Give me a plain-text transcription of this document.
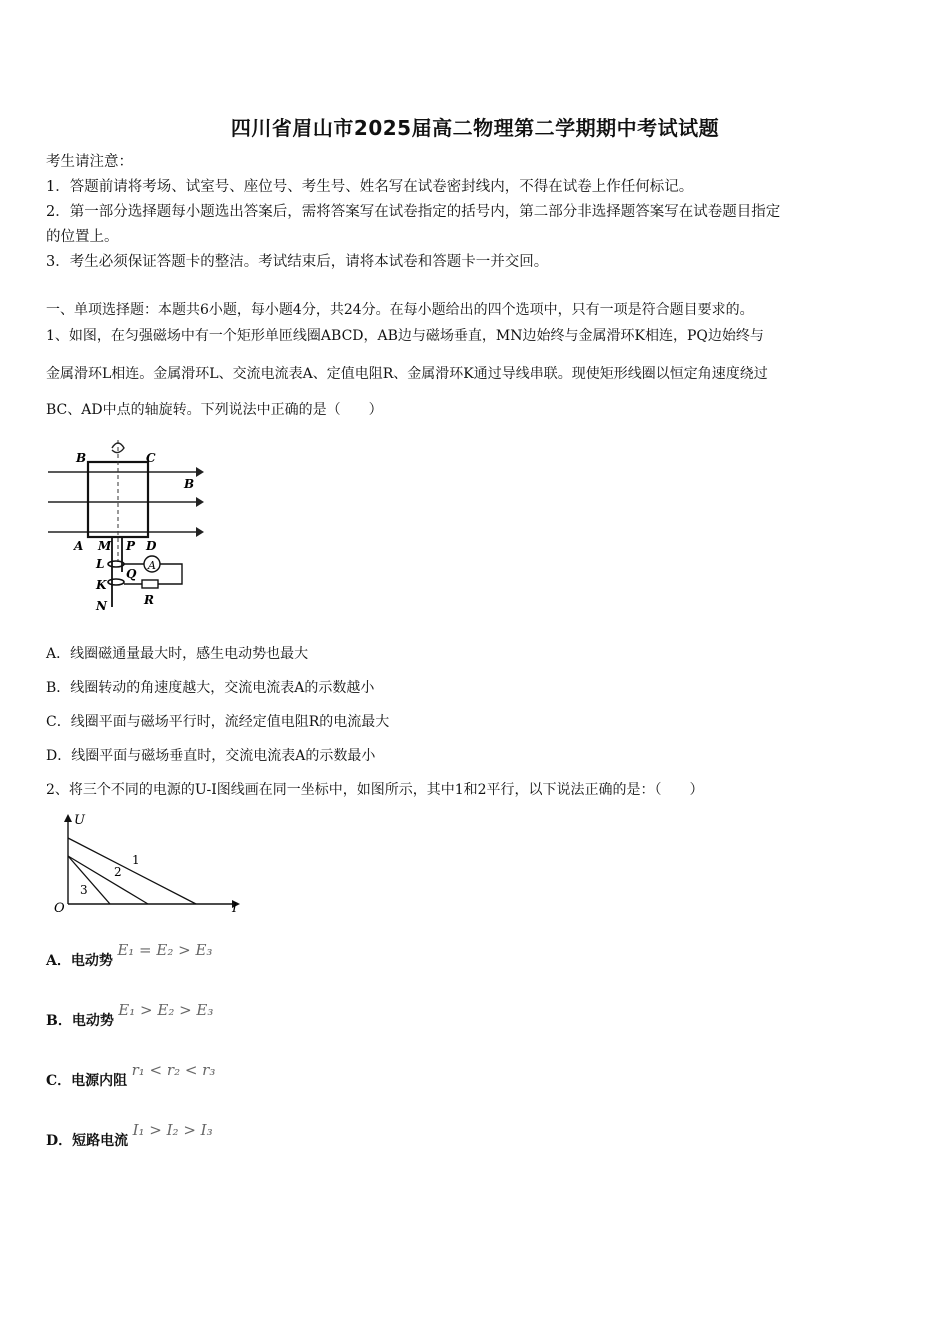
四川省眉山市2025届高二物理第二学期期中考试试题
考生请注意：
1．答题前请将考场、试室号、座位号、考生号、姓名写在试卷密封线内，不得在试卷上作任何标记。
2．第一部分选择题每小题选出答案后，需将答案写在试卷指定的括号内，第二部分非选择题答案写在试卷题目指定
的位置上。
3．考生必须保证答题卡的整洁。考试结束后，请将本试卷和答题卡一并交回。
一、单项选择题：本题共6小题，每小题4分，共24分。在每小题给出的四个选项中，只有一项是符合题目要求的。
1、如图，在匀强磁场中有一个矩形单匝线圈ABCD，AB边与磁场垂直，MN边始终与金属滑环K相连，PQ边始终与
金属滑环L相连。金属滑环L、交流电流表A、定值电阻R、金属滑环K通过导线串联。现使矩形线圈以恒定角速度绕过
BC、AD中点的轴旋转。下列说法中正确的是（　　）
A
B	C
B
A M P D
L
Q
K
N	R
A．线圈磁通量最大时，感生电动势也最大
B．线圈转动的角速度越大，交流电流表A的示数越小
C．线圈平面与磁场平行时，流经定值电阻R的电流最大
D．线圈平面与磁场垂直时，交流电流表A的示数最小
2、将三个不同的电源的U-I图线画在同一坐标中，如图所示，其中1和2平行，以下说法正确的是：（　　）
U
I
O
1
2
3
A．电动势 E₁ = E₂ > E₃
B．电动势 E₁ > E₂ > E₃
C．电源内阻 r₁ < r₂ < r₃
D．短路电流 I₁ > I₂ > I₃
